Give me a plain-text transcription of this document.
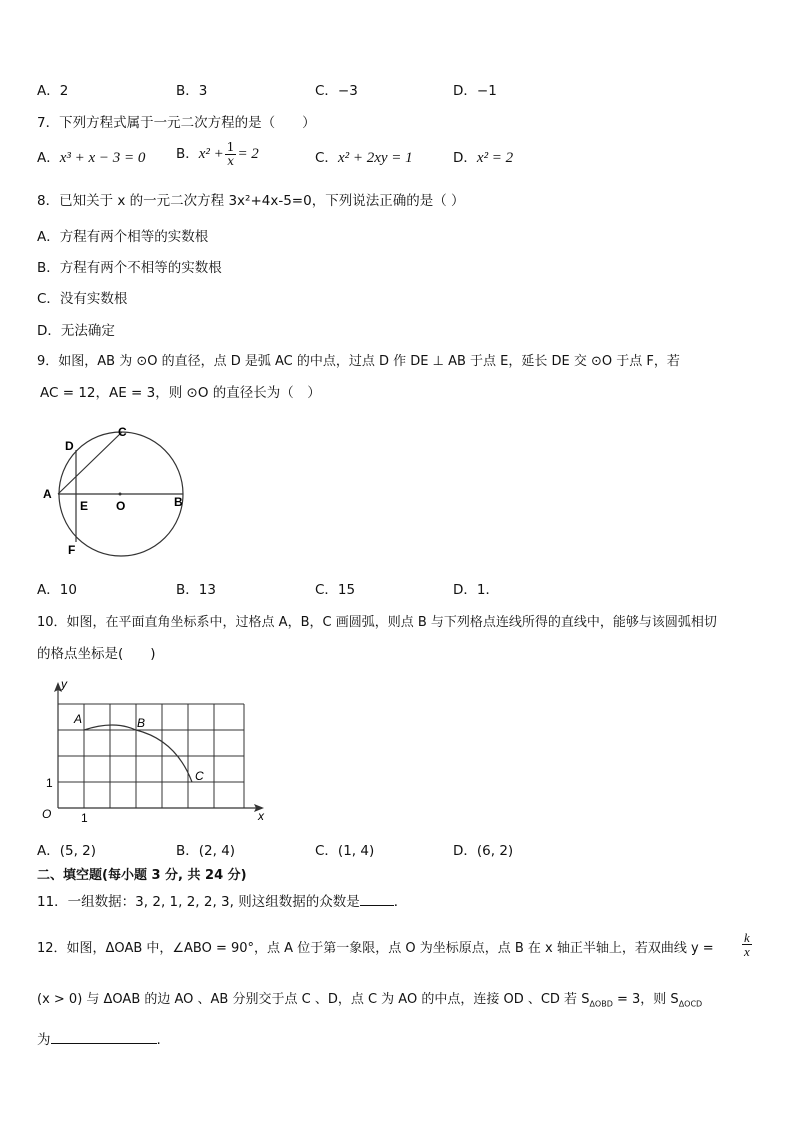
A．2	B．3	C．−3	D．−1
7．下列方程式属于一元二次方程的是（　　）
A．x³ + x − 3 = 0 B．$x^2 + \frac{1}{x} = 2$	C．x² + 2xy = 1	D．x² = 2
8．已知关于 x 的一元二次方程 3x²+4x-5=0，下列说法正确的是（ ）
A．方程有两个相等的实数根
B．方程有两个不相等的实数根
C．没有实数根
D．无法确定
9．如图，AB 为 ⊙O 的直径，点 D 是弧 AC 的中点，过点 D 作 DE ⊥ AB 于点 E，延长 DE 交 ⊙O 于点 F，若
AC = 12，AE = 3，则 ⊙O 的直径长为（　）
D
C
A
E O	B
F
A．10	B．13	C．15	D．1．
10．如图，在平面直角坐标系中，过格点 A，B，C 画圆弧，则点 B 与下列格点连线所得的直线中，能够与该圆弧相切
的格点坐标是(　　)
y
x
O
1
1
A	B
C
A．(5, 2)	B．(2, 4)	C．(1, 4)	D．(6, 2)
二、填空题(每小题 3 分, 共 24 分)
11．一组数据：3, 2, 1, 2, 2, 3, 则这组数据的众数是	．
12．如图，ΔOAB 中，∠ABO = 90°，点 A 位于第一象限，点 O 为坐标原点，点 B 在 x 轴正半轴上，若双曲线 $y = \frac{k}{x}$
(x > 0) 与 ΔOAB 的边 AO 、AB 分别交于点 C 、D，点 C 为 AO 的中点，连接 OD 、CD 若 $S_{\Delta OBD} = 3$，则 $S_{\Delta OCD}$
为	.
